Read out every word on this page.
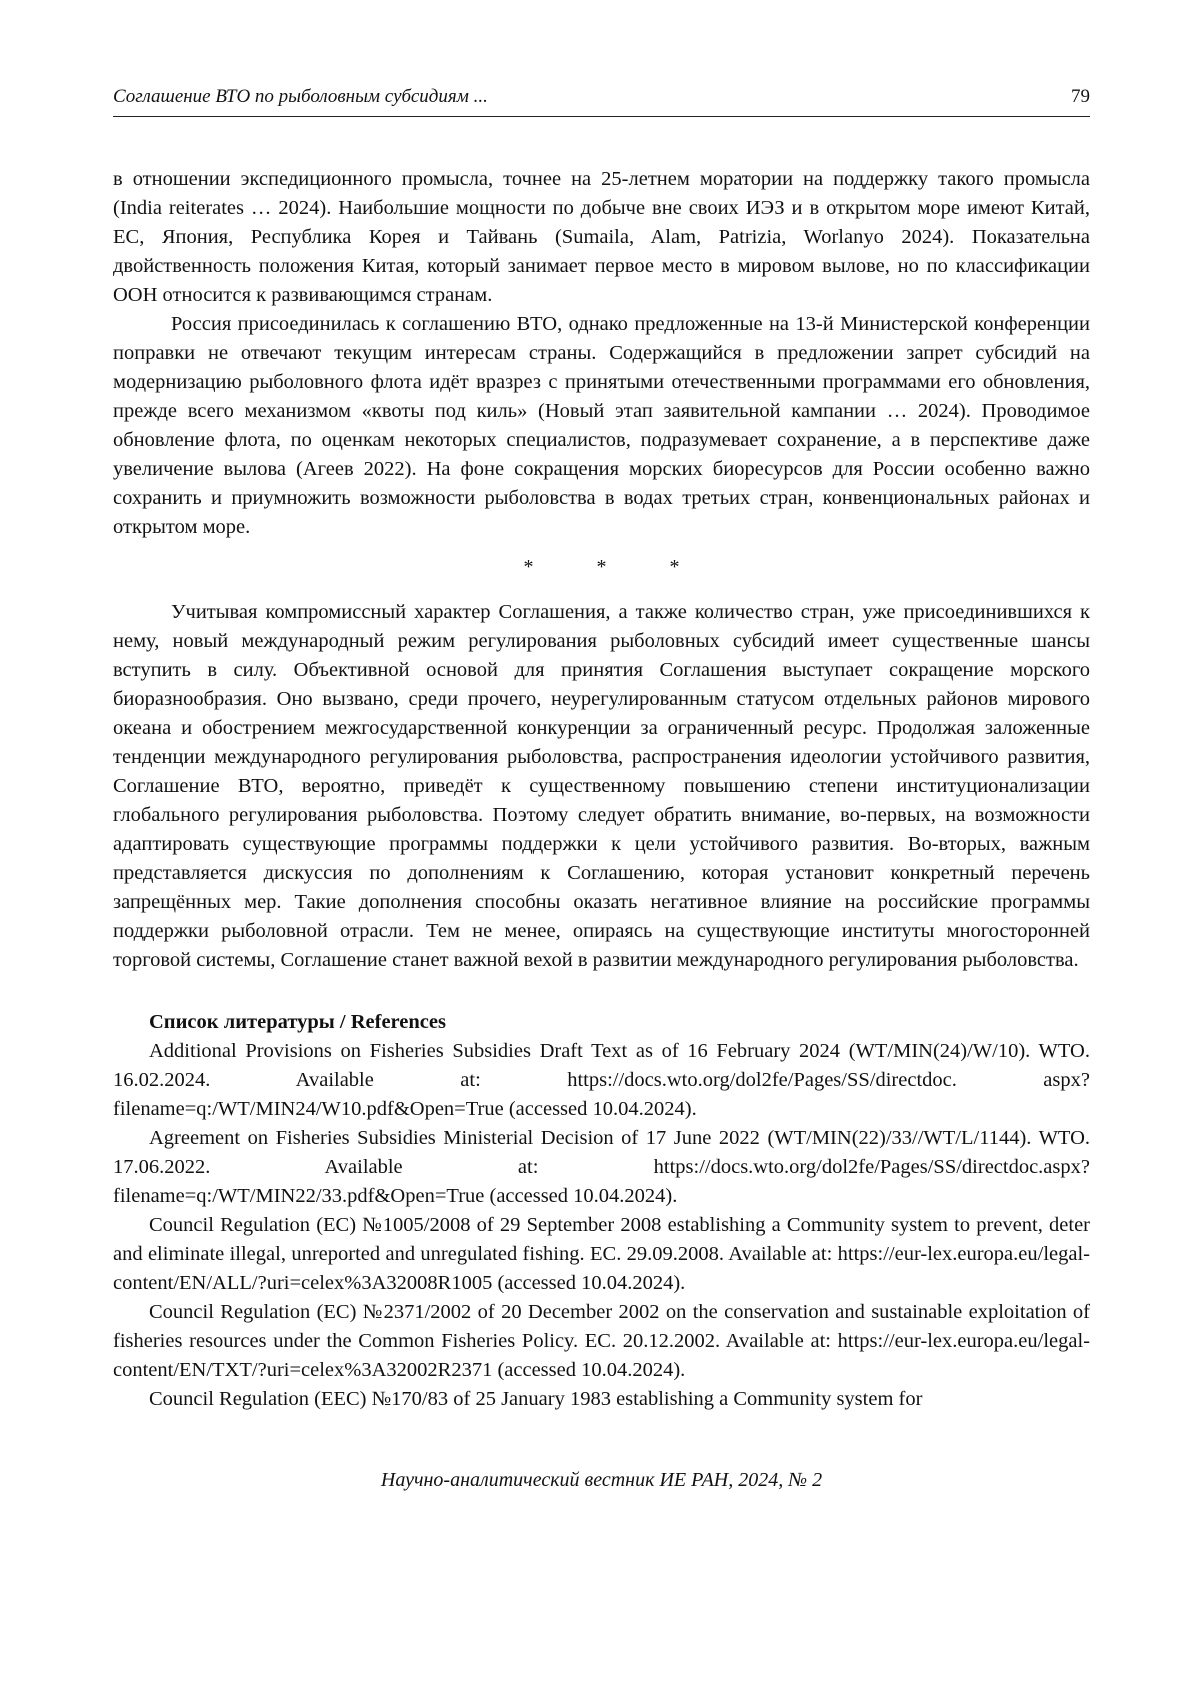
Соглашение ВТО по рыболовным субсидиям ...	79

в отношении экспедиционного промысла, точнее на 25-летнем моратории на поддержку такого промысла (India reiterates … 2024). Наибольшие мощности по добыче вне своих ИЭЗ и в открытом море имеют Китай, ЕС, Япония, Республика Корея и Тайвань (Sumaila, Alam, Patrizia, Worlanyo 2024). Показательна двойственность положения Китая, который занимает первое место в мировом вылове, но по классификации ООН относится к развивающимся странам.

Россия присоединилась к соглашению ВТО, однако предложенные на 13-й Министерской конференции поправки не отвечают текущим интересам страны. Содержащийся в предложении запрет субсидий на модернизацию рыболовного флота идёт вразрез с принятыми отечественными программами его обновления, прежде всего механизмом «квоты под киль» (Новый этап заявительной кампании … 2024). Проводимое обновление флота, по оценкам некоторых специалистов, подразумевает сохранение, а в перспективе даже увеличение вылова (Агеев 2022). На фоне сокращения морских биоресурсов для России особенно важно сохранить и приумножить возможности рыболовства в водах третьих стран, конвенциональных районах и открытом море.

*	*	*

Учитывая компромиссный характер Соглашения, а также количество стран, уже присоединившихся к нему, новый международный режим регулирования рыболовных субсидий имеет существенные шансы вступить в силу. Объективной основой для принятия Соглашения выступает сокращение морского биоразнообразия. Оно вызвано, среди прочего, неурегулированным статусом отдельных районов мирового океана и обострением межгосударственной конкуренции за ограниченный ресурс. Продолжая заложенные тенденции международного регулирования рыболовства, распространения идеологии устойчивого развития, Соглашение ВТО, вероятно, приведёт к существенному повышению степени институционализации глобального регулирования рыболовства. Поэтому следует обратить внимание, во-первых, на возможности адаптировать существующие программы поддержки к цели устойчивого развития. Во-вторых, важным представляется дискуссия по дополнениям к Соглашению, которая установит конкретный перечень запрещённых мер. Такие дополнения способны оказать негативное влияние на российские программы поддержки рыболовной отрасли. Тем не менее, опираясь на существующие институты многосторонней торговой системы, Соглашение станет важной вехой в развитии международного регулирования рыболовства.

Список литературы / References

Additional Provisions on Fisheries Subsidies Draft Text as of 16 February 2024 (WT/MIN(24)/W/10). WTO. 16.02.2024. Available at: https://docs.wto.org/dol2fe/Pages/SS/directdoc. aspx?filename=q:/WT/MIN24/W10.pdf&Open=True (accessed 10.04.2024).

Agreement on Fisheries Subsidies Ministerial Decision of 17 June 2022 (WT/MIN(22)/33//WT/L/1144). WTO. 17.06.2022. Available at: https://docs.wto.org/dol2fe/Pages/SS/directdoc.aspx?filename=q:/WT/MIN22/33.pdf&Open=True (accessed 10.04.2024).

Council Regulation (EC) №1005/2008 of 29 September 2008 establishing a Community system to prevent, deter and eliminate illegal, unreported and unregulated fishing. EC. 29.09.2008. Available at: https://eur-lex.europa.eu/legal-content/EN/ALL/?uri=celex%3A32008R1005 (accessed 10.04.2024).

Council Regulation (EC) №2371/2002 of 20 December 2002 on the conservation and sustainable exploitation of fisheries resources under the Common Fisheries Policy. EC. 20.12.2002. Available at: https://eur-lex.europa.eu/legal-content/EN/TXT/?uri=celex%3A32002R2371 (accessed 10.04.2024).

Council Regulation (EEC) №170/83 of 25 January 1983 establishing a Community system for

Научно-аналитический вестник ИЕ РАН, 2024, № 2
